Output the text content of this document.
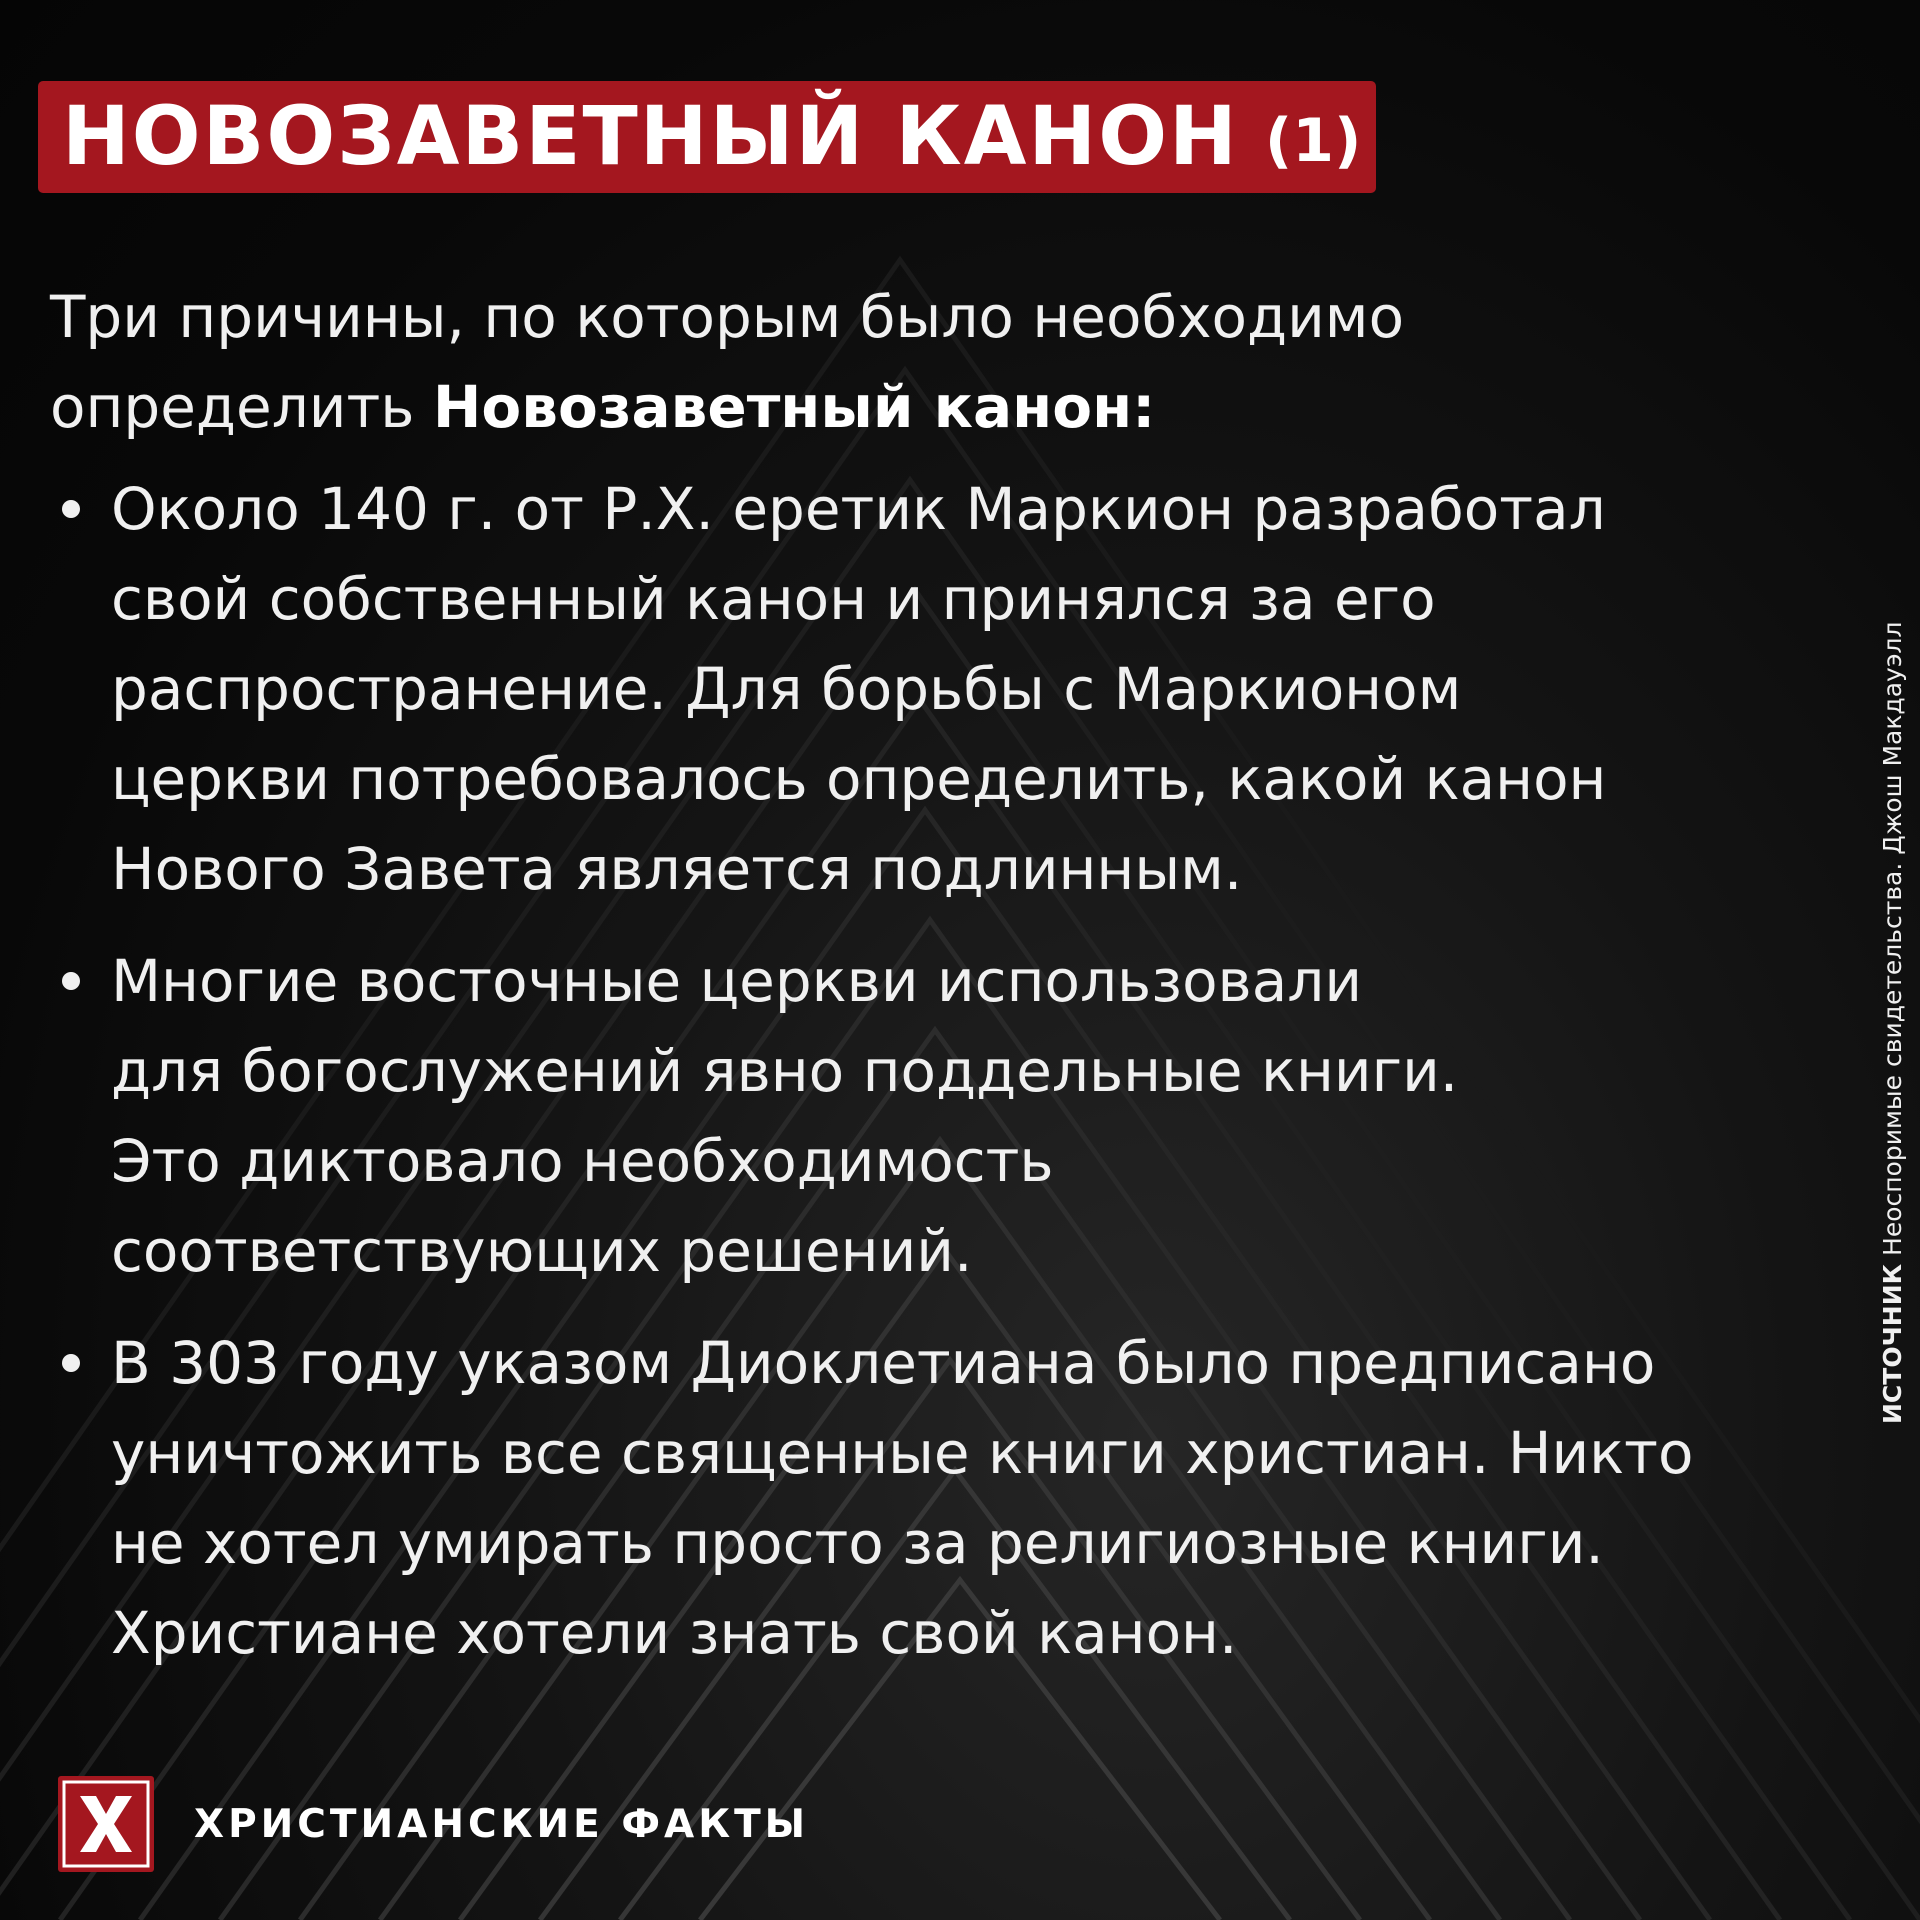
НОВОЗАВЕТНЫЙ КАНОН (1)
Три причины, по которым было необходимо
определить Новозаветный канон:
Около 140 г. от Р.Х. еретик Маркион разработал
свой собственный канон и принялся за его
распространение. Для борьбы с Маркионом
церкви потребовалось определить, какой канон
Нового Завета является подлинным.
Многие восточные церкви использовали
для богослужений явно поддельные книги.
Это диктовало необходимость
соответствующих решений.
В 303 году указом Диоклетиана было предписано
уничтожить все священные книги христиан. Никто
не хотел умирать просто за религиозные книги.
Христиане хотели знать свой канон.
ИСТОЧНИКНеоспоримые свидетельства. Джош Макдауэлл
ХРИСТИАНСКИЕ ФАКТЫ
